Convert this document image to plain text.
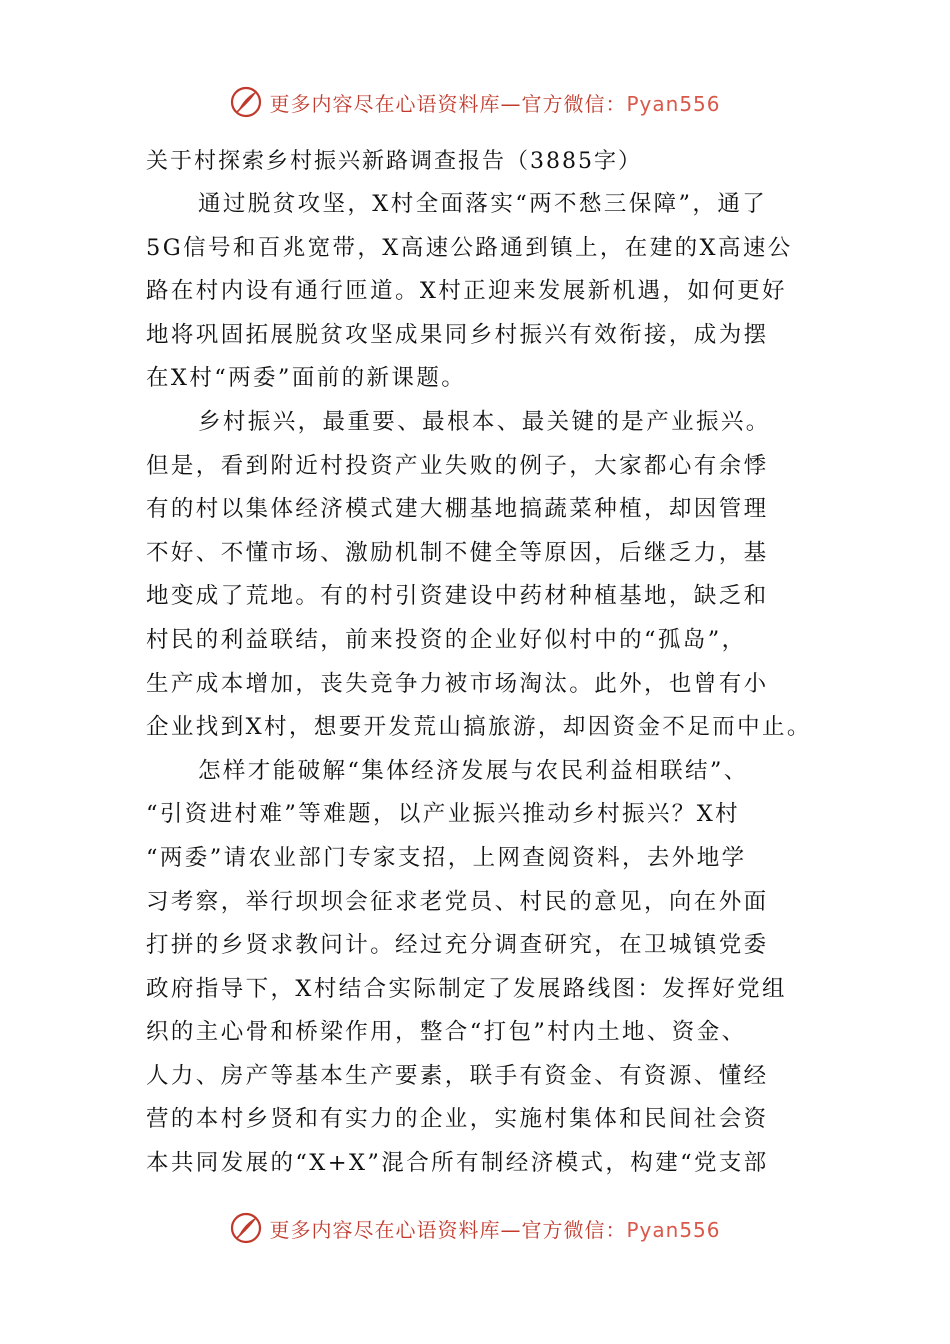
更多内容尽在心语资料库—官方微信：Pyan556
关于村探索乡村振兴新路调查报告（3885字）
通过脱贫攻坚，X村全面落实“两不愁三保障”，通了
5G信号和百兆宽带，X高速公路通到镇上，在建的X高速公
路在村内设有通行匝道。X村正迎来发展新机遇，如何更好
地将巩固拓展脱贫攻坚成果同乡村振兴有效衔接，成为摆
在X村“两委”面前的新课题。
乡村振兴，最重要、最根本、最关键的是产业振兴。
但是，看到附近村投资产业失败的例子，大家都心有余悸
有的村以集体经济模式建大棚基地搞蔬菜种植，却因管理
不好、不懂市场、激励机制不健全等原因，后继乏力，基
地变成了荒地。有的村引资建设中药材种植基地，缺乏和
村民的利益联结，前来投资的企业好似村中的“孤岛”，
生产成本增加，丧失竞争力被市场淘汰。此外，也曾有小
企业找到X村，想要开发荒山搞旅游，却因资金不足而中止。
怎样才能破解“集体经济发展与农民利益相联结”、
“引资进村难”等难题，以产业振兴推动乡村振兴？X村
“两委”请农业部门专家支招，上网查阅资料，去外地学
习考察，举行坝坝会征求老党员、村民的意见，向在外面
打拼的乡贤求教问计。经过充分调查研究，在卫城镇党委
政府指导下，X村结合实际制定了发展路线图：发挥好党组
织的主心骨和桥梁作用，整合“打包”村内土地、资金、
人力、房产等基本生产要素，联手有资金、有资源、懂经
营的本村乡贤和有实力的企业，实施村集体和民间社会资
本共同发展的“X+X”混合所有制经济模式，构建“党支部
更多内容尽在心语资料库—官方微信：Pyan556
